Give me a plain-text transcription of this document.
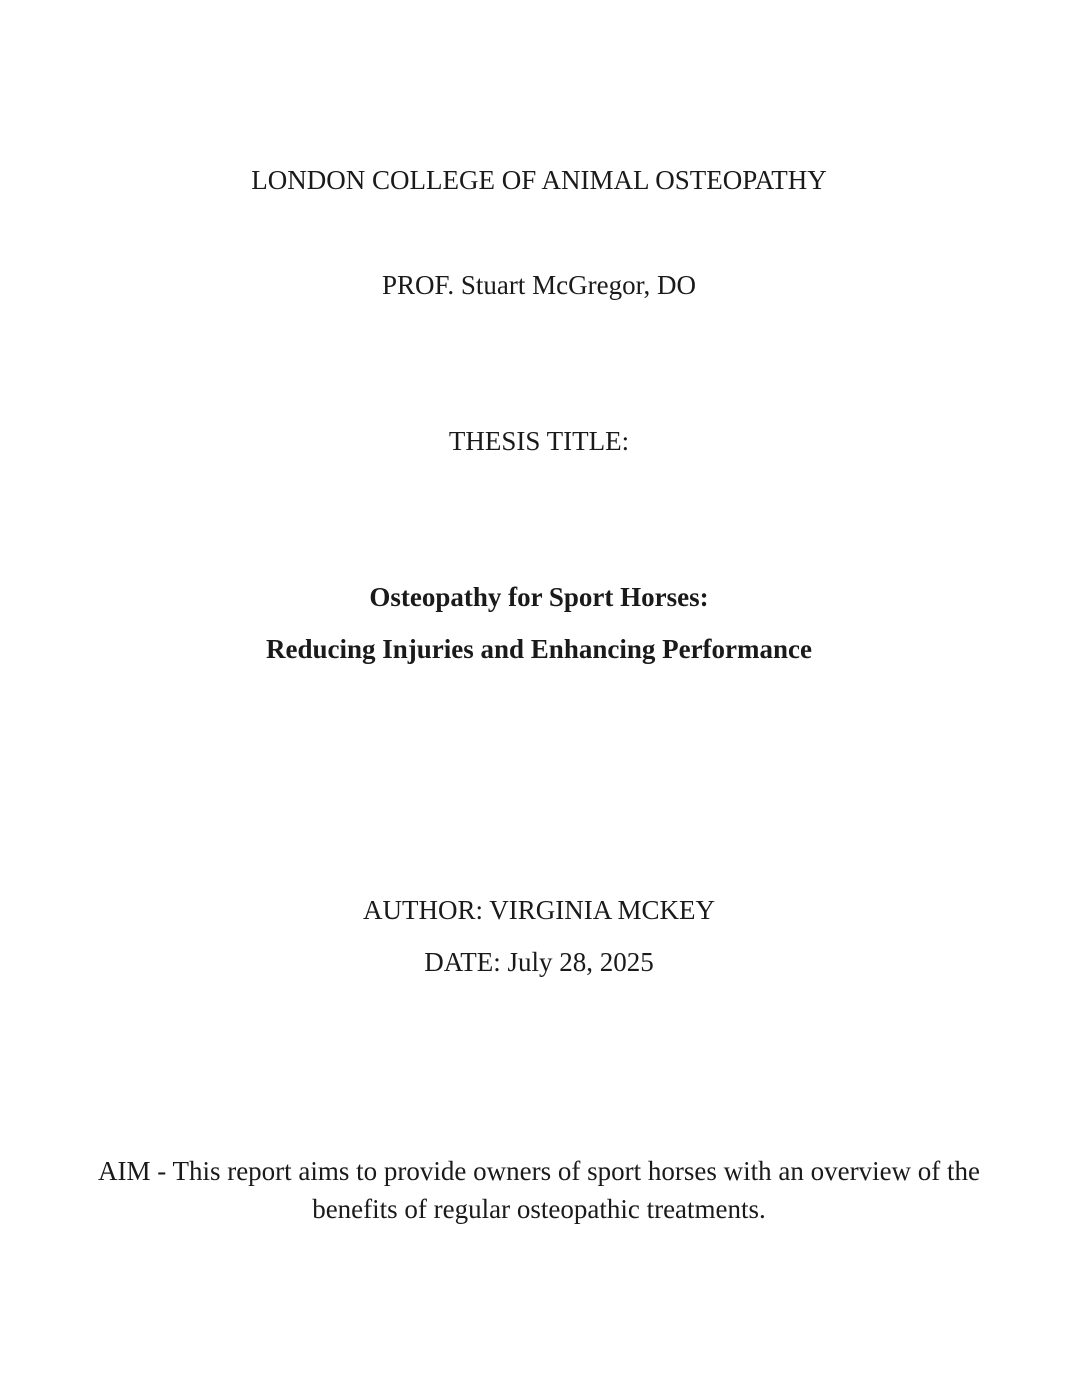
LONDON COLLEGE OF ANIMAL OSTEOPATHY
PROF. Stuart McGregor, DO
THESIS TITLE:
Osteopathy for Sport Horses:
Reducing Injuries and Enhancing Performance
AUTHOR: VIRGINIA MCKEY
DATE: July 28, 2025
AIM - This report aims to provide owners of sport horses with an overview of the benefits of regular osteopathic treatments.
